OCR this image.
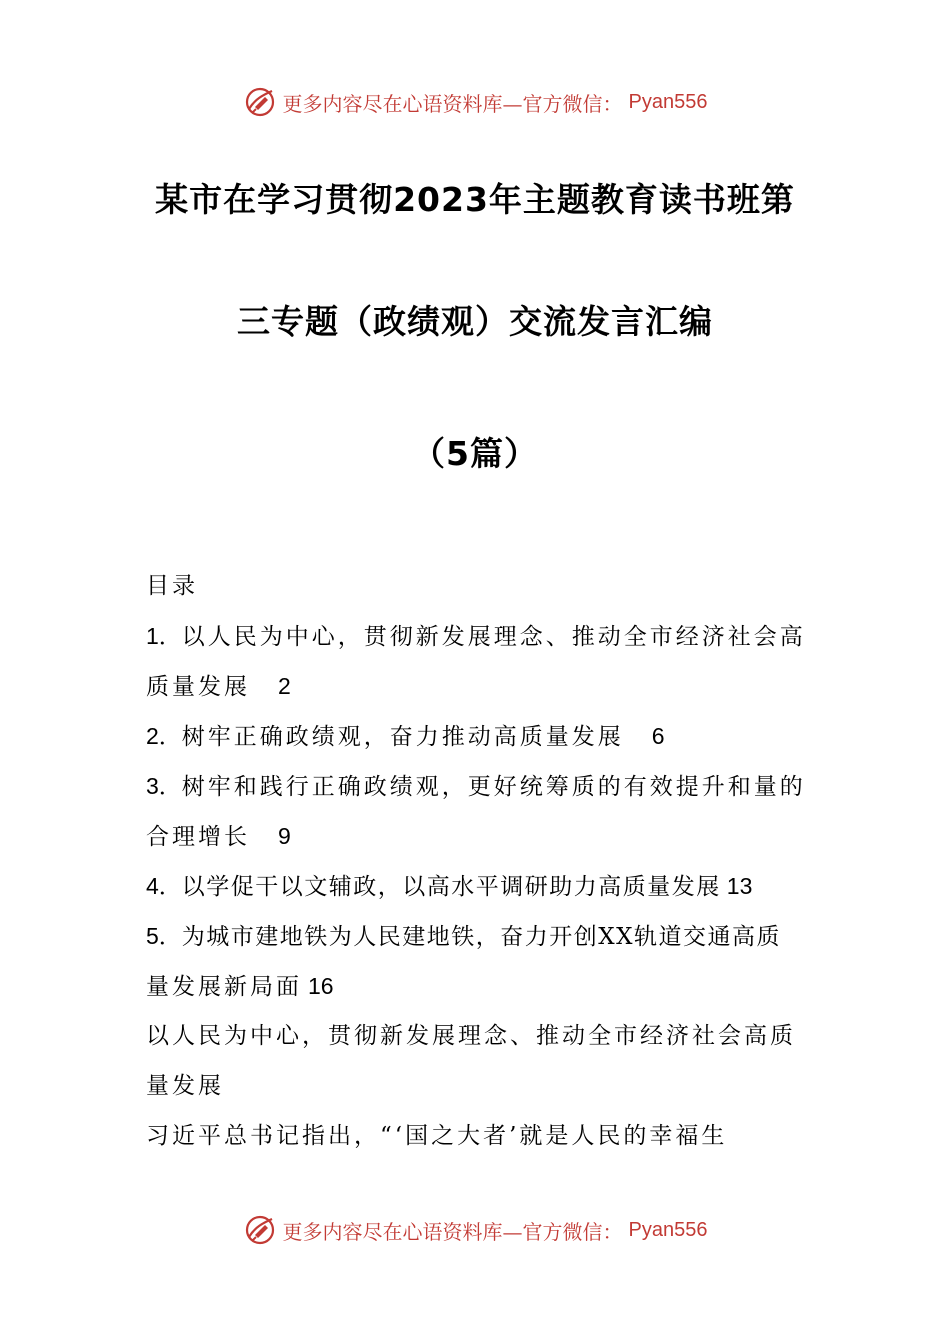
更多内容尽在心语资料库—官方微信： Pyan556
某市在学习贯彻2023年主题教育读书班第
三专题（政绩观）交流发言汇编
（5篇）
目录
1．以人民为中心，贯彻新发展理念、推动全市经济社会高
质量发展 2
2．树牢正确政绩观，奋力推动高质量发展 6
3．树牢和践行正确政绩观，更好统筹质的有效提升和量的
合理增长 9
4．以学促干以文辅政，以高水平调研助力高质量发展 13
5．为城市建地铁为人民建地铁，奋力开创XX轨道交通高质
量发展新局面 16
以人民为中心，贯彻新发展理念、推动全市经济社会高质
量发展
习近平总书记指出，“‘国之大者’就是人民的幸福生
更多内容尽在心语资料库—官方微信： Pyan556
